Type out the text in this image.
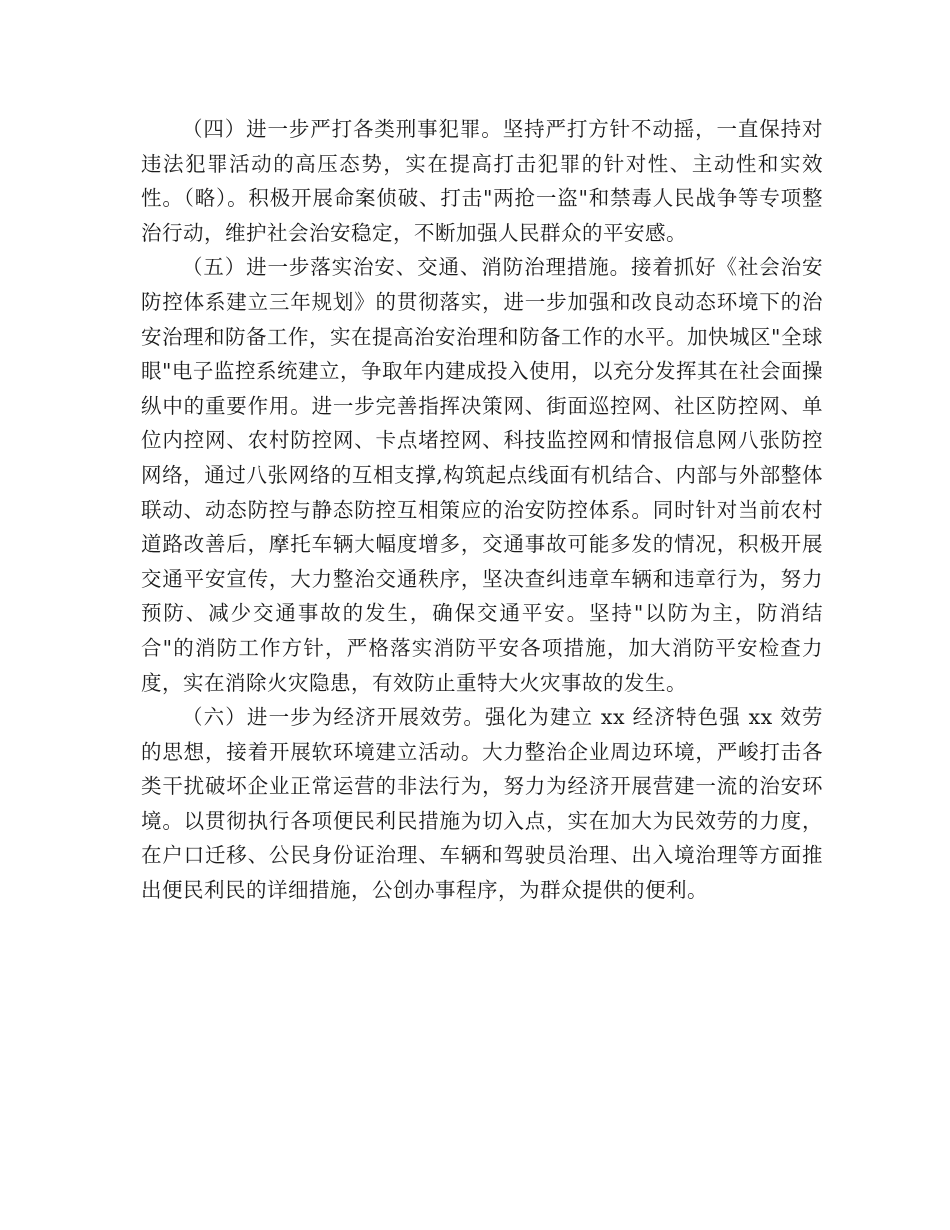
（四）进一步严打各类刑事犯罪。坚持严打方针不动摇，一直保持对违法犯罪活动的高压态势，实在提高打击犯罪的针对性、主动性和实效性。（略）。积极开展命案侦破、打击"两抢一盗"和禁毒人民战争等专项整治行动，维护社会治安稳定，不断加强人民群众的平安感。

（五）进一步落实治安、交通、消防治理措施。接着抓好《社会治安防控体系建立三年规划》的贯彻落实，进一步加强和改良动态环境下的治安治理和防备工作，实在提高治安治理和防备工作的水平。加快城区"全球眼"电子监控系统建立，争取年内建成投入使用，以充分发挥其在社会面操纵中的重要作用。进一步完善指挥决策网、街面巡控网、社区防控网、单位内控网、农村防控网、卡点堵控网、科技监控网和情报信息网八张防控网络，通过八张网络的互相支撑,构筑起点线面有机结合、内部与外部整体联动、动态防控与静态防控互相策应的治安防控体系。同时针对当前农村道路改善后，摩托车辆大幅度增多，交通事故可能多发的情况，积极开展交通平安宣传，大力整治交通秩序，坚决查纠违章车辆和违章行为，努力预防、减少交通事故的发生，确保交通平安。坚持"以防为主，防消结合"的消防工作方针，严格落实消防平安各项措施，加大消防平安检查力度，实在消除火灾隐患，有效防止重特大火灾事故的发生。

（六）进一步为经济开展效劳。强化为建立 xx 经济特色强 xx 效劳的思想，接着开展软环境建立活动。大力整治企业周边环境，严峻打击各类干扰破坏企业正常运营的非法行为，努力为经济开展营建一流的治安环境。以贯彻执行各项便民利民措施为切入点，实在加大为民效劳的力度，在户口迁移、公民身份证治理、车辆和驾驶员治理、出入境治理等方面推出便民利民的详细措施，公创办事程序，为群众提供的便利。
